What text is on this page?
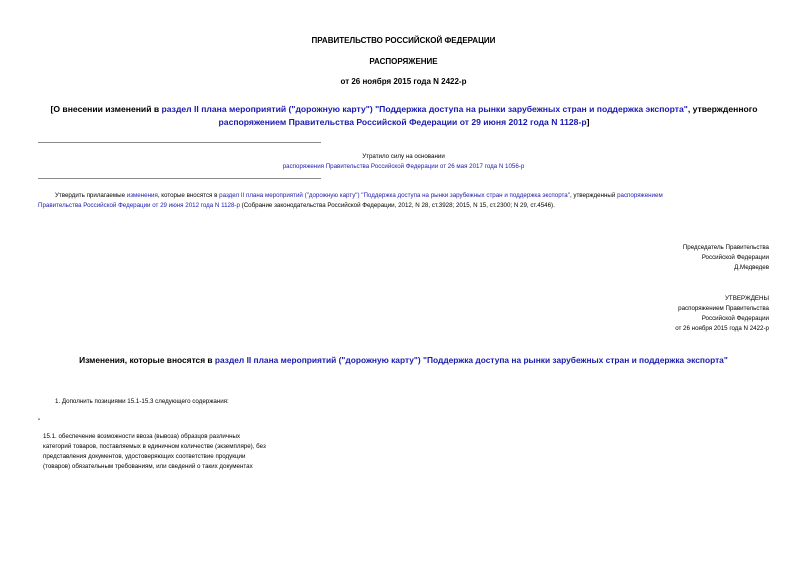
ПРАВИТЕЛЬСТВО РОССИЙСКОЙ ФЕДЕРАЦИИ
РАСПОРЯЖЕНИЕ
от 26 ноября 2015 года N 2422-р
[О внесении изменений в раздел II плана мероприятий ("дорожную карту") "Поддержка доступа на рынки зарубежных стран и поддержка экспорта", утвержденного
распоряжением Правительства Российской Федерации от 29 июня 2012 года N 1128-р]
Утратило силу на основании
распоряжения Правительства Российской Федерации от 26 мая 2017 года N 1056-р
Утвердить прилагаемые изменения, которые вносятся в раздел II плана мероприятий ("дорожную карту") "Поддержка доступа на рынки зарубежных стран и поддержка экспорта", утвержденный распоряжением
Правительства Российской Федерации от 29 июня 2012 года N 1128-р (Собрание законодательства Российской Федерации, 2012, N 28, ст.3928; 2015, N 15, ст.2300; N 29, ст.4546).
Председатель Правительства
Российской Федерации
Д.Медведев
УТВЕРЖДЕНЫ
распоряжением Правительства
Российской Федерации
от 26 ноября 2015 года N 2422-р
Изменения, которые вносятся в раздел II плана мероприятий ("дорожную карту") "Поддержка доступа на рынки зарубежных стран и поддержка экспорта"
1. Дополнить позициями 15.1-15.3 следующего содержания:
"
15.1. обеспечение возможности ввоза (вывоза) образцов различных
категорий товаров, поставляемых в единичном количестве (экземпляре), без
представления документов, удостоверяющих соответствие продукции
(товаров) обязательным требованиям, или сведений о таких документах
